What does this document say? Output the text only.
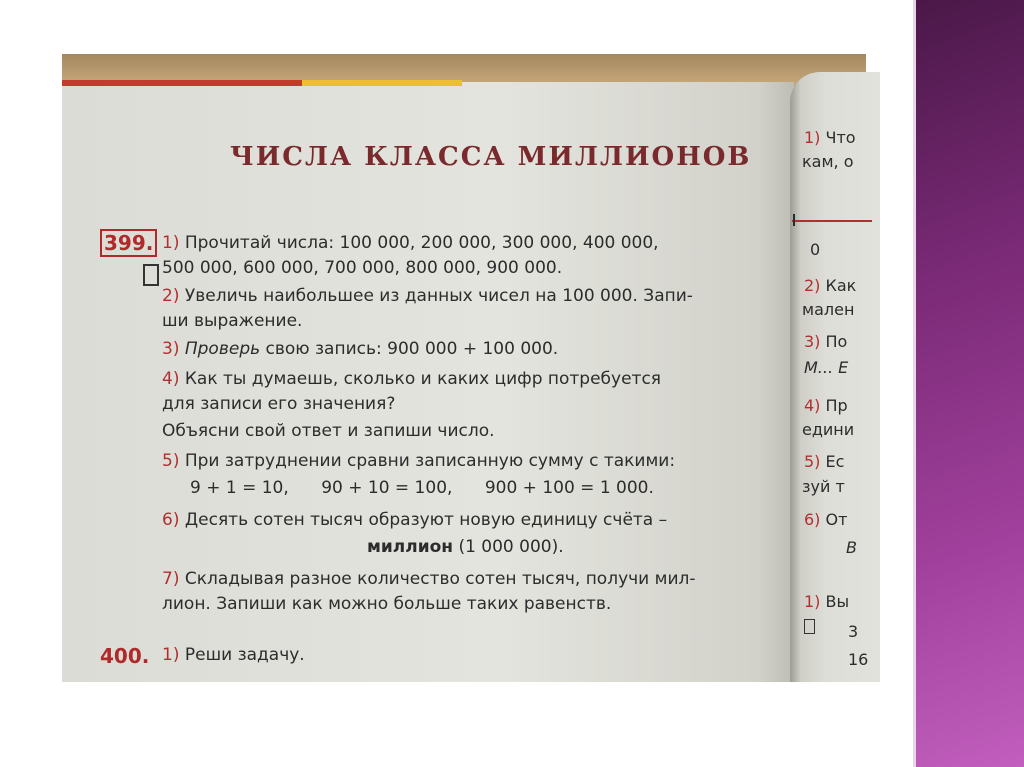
ЧИСЛА КЛАССА МИЛЛИОНОВ
399. 1) Прочитай числа: 100 000, 200 000, 300 000, 400 000,
500 000, 600 000, 700 000, 800 000, 900 000.
2) Увеличь наибольшее из данных чисел на 100 000. Запи-
ши выражение.
3) Проверь свою запись: 900 000 + 100 000.
4) Как ты думаешь, сколько и каких цифр потребуется
для записи его значения?
Объясни свой ответ и запиши число.
5) При затруднении сравни записанную сумму с такими:
9 + 1 = 10,      90 + 10 = 100,      900 + 100 = 1 000.
6) Десять сотен тысяч образуют новую единицу счёта –
миллион (1 000 000).
7) Складывая разное количество сотен тысяч, получи мил-
лион. Запиши как можно больше таких равенств.
400. 1) Реши задачу.
1) Что
кам, о
0
2) Как
мален
3) По
М... Е
4) Пр
едини
5) Ес
зуй т
6) От
В
1) Вы
3
16
